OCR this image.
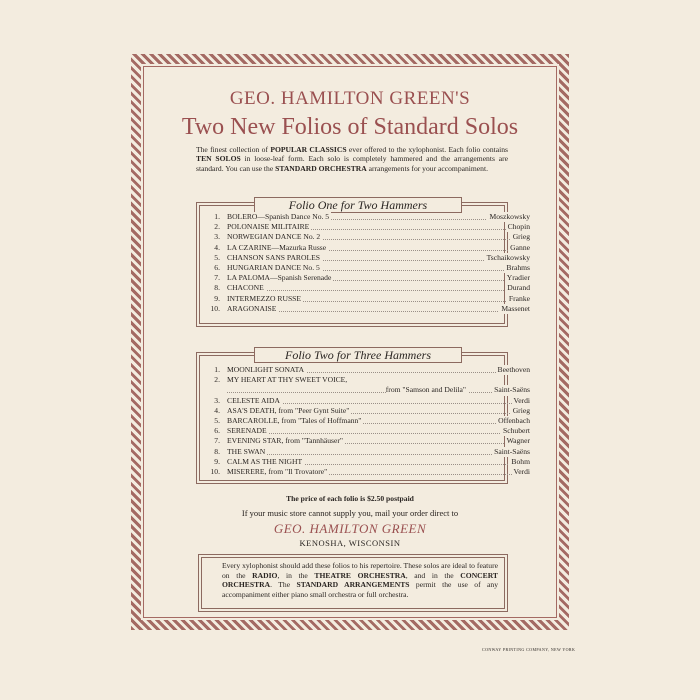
GEO. HAMILTON GREEN'S
Two New Folios of Standard Solos
The finest collection of POPULAR CLASSICS ever offered to the xylophonist. Each folio contains TEN SOLOS in loose-leaf form. Each solo is completely hammered and the arrangements are standard. You can use the STANDARD ORCHESTRA arrangements for your accompaniment.
Folio One for Two Hammers
1. BOLERO—Spanish Dance No. 5	Moszkowsky
2. POLONAISE MILITAIRE	Chopin
3. NORWEGIAN DANCE No. 2	Grieg
4. LA CZARINE—Mazurka Russe	Ganne
5. CHANSON SANS PAROLES	Tschaikowsky
6. HUNGARIAN DANCE No. 5	Brahms
7. LA PALOMA—Spanish Serenade	Yradier
8. CHACONE	Durand
9. INTERMEZZO RUSSE	Franke
10. ARAGONAISE	Massenet
Folio Two for Three Hammers
1. MOONLIGHT SONATA	Beethoven
2. MY HEART AT THY SWEET VOICE,
from "Samson and Delila"	Saint-Saëns
3. CELESTE AIDA	Verdi
4. ASA'S DEATH, from "Peer Gynt Suite"	Grieg
5. BARCAROLLE, from "Tales of Hoffmann"	Offenbach
6. SERENADE	Schubert
7. EVENING STAR, from "Tannhäuser"	Wagner
8. THE SWAN	Saint-Saëns
9. CALM AS THE NIGHT	Bohm
10. MISERERE, from "Il Trovatore"	Verdi
The price of each folio is $2.50 postpaid
If your music store cannot supply you, mail your order direct to
GEO. HAMILTON GREEN
KENOSHA, WISCONSIN
Every xylophonist should add these folios to his repertoire. These solos are ideal to feature on the RADIO, in the THEATRE ORCHESTRA, and in the CONCERT ORCHESTRA. The STANDARD ARRANGEMENTS permit the use of any accompaniment either piano small orchestra or full orchestra.
CONWAY PRINTING COMPANY, NEW YORK
